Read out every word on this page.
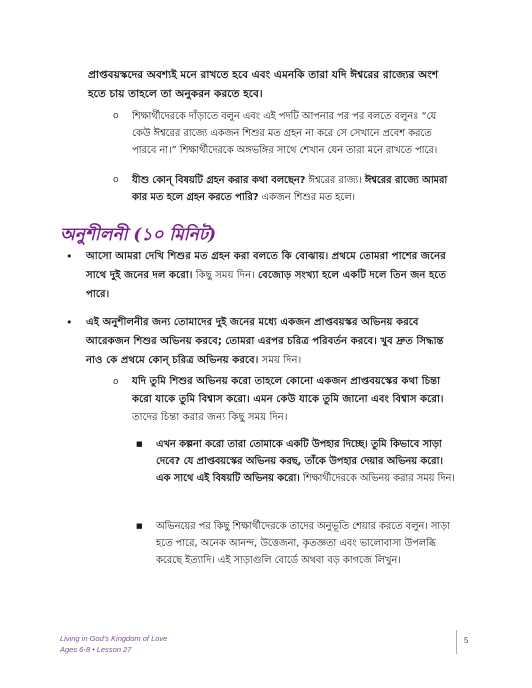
প্রাপ্তবয়স্কদের অবশ্যই মনে রাখতে হবে এবং এমনকি তারা যদি ঈশ্বরের রাজ্যের অংশ হতে চায় তাহলে তা অনুকরন করতে হবে।
o শিক্ষার্থীদেরকে দাঁড়াতে বলুন এবং এই পদটি আপনার পর পর বলতে বলুনঃ “যে কেউ ঈশ্বরের রাজ্যে একজন শিশুর মত গ্রহন না করে সে সেখানে প্রবেশ করতে পারবে না।” শিক্ষার্থীদেরকে অঙ্গভঙ্গির সাথে শেখান যেন তারা মনে রাখতে পারে।
o যীশু কোন্ বিষয়টি গ্রহন করার কথা বলছেন? ঈশ্বরের রাজ্য। ঈশ্বরের রাজ্যে আমরা কার মত হলে গ্রহন করতে পারি? একজন শিশুর মত হলে।
অনুশীলনী (১০ মিনিট)
• আসো আমরা দেখি শিশুর মত গ্রহন করা বলতে কি বোঝায়। প্রথমে তোমরা পাশের জনের সাথে দুই জনের দল করো। কিছু সময় দিন। বেজোড় সংখ্যা হলে একটি দলে তিন জন হতে পারে।
• এই অনুশীলনীর জন্য তোমাদের দুই জনের মধ্যে একজন প্রাপ্তবয়স্কর অভিনয় করবে আরেকজন শিশুর অভিনয় করবে; তোমরা এরপর চরিত্র পরিবর্তন করবে। খুব দ্রুত সিদ্ধান্ত নাও কে প্রথমে কোন্ চরিত্র অভিনয় করবে। সময় দিন।
o যদি তুমি শিশুর অভিনয় করো তাহলে কোনো একজন প্রাপ্তবয়স্কের কথা চিন্তা করো যাকে তুমি বিশ্বাস করো। এমন কেউ যাকে তুমি জানো এবং বিশ্বাস করো। তাদের চিন্তা করার জন্য কিছু সময় দিন।
■ এখন কল্পনা করো তারা তোমাকে একটি উপহার দিচ্ছে। তুমি কিভাবে সাড়া দেবে? যে প্রাপ্তবয়স্কের অভিনয় করছ, তাঁকে উপহার দেয়ার অভিনয় করো। এক সাথে এই বিষয়টি অভিনয় করো। শিক্ষার্থীদেরকে অভিনয় করার সময় দিন।
■ অভিনয়ের পর কিছু শিক্ষার্থীদেরকে তাদের অনুভূতি শেয়ার করতে বলুন। সাড়া হতে পারে, অনেক আনন্দ, উত্তেজনা, কৃতজ্ঞতা এবং ভালোবাসা উপলব্ধি করেছে ইত্যাদি। এই সাড়াগুলি বোর্ডে অথবা বড় কাগজে লিখুন।
Living in God's Kingdom of Love
Ages 6-8 • Lesson 27
5
